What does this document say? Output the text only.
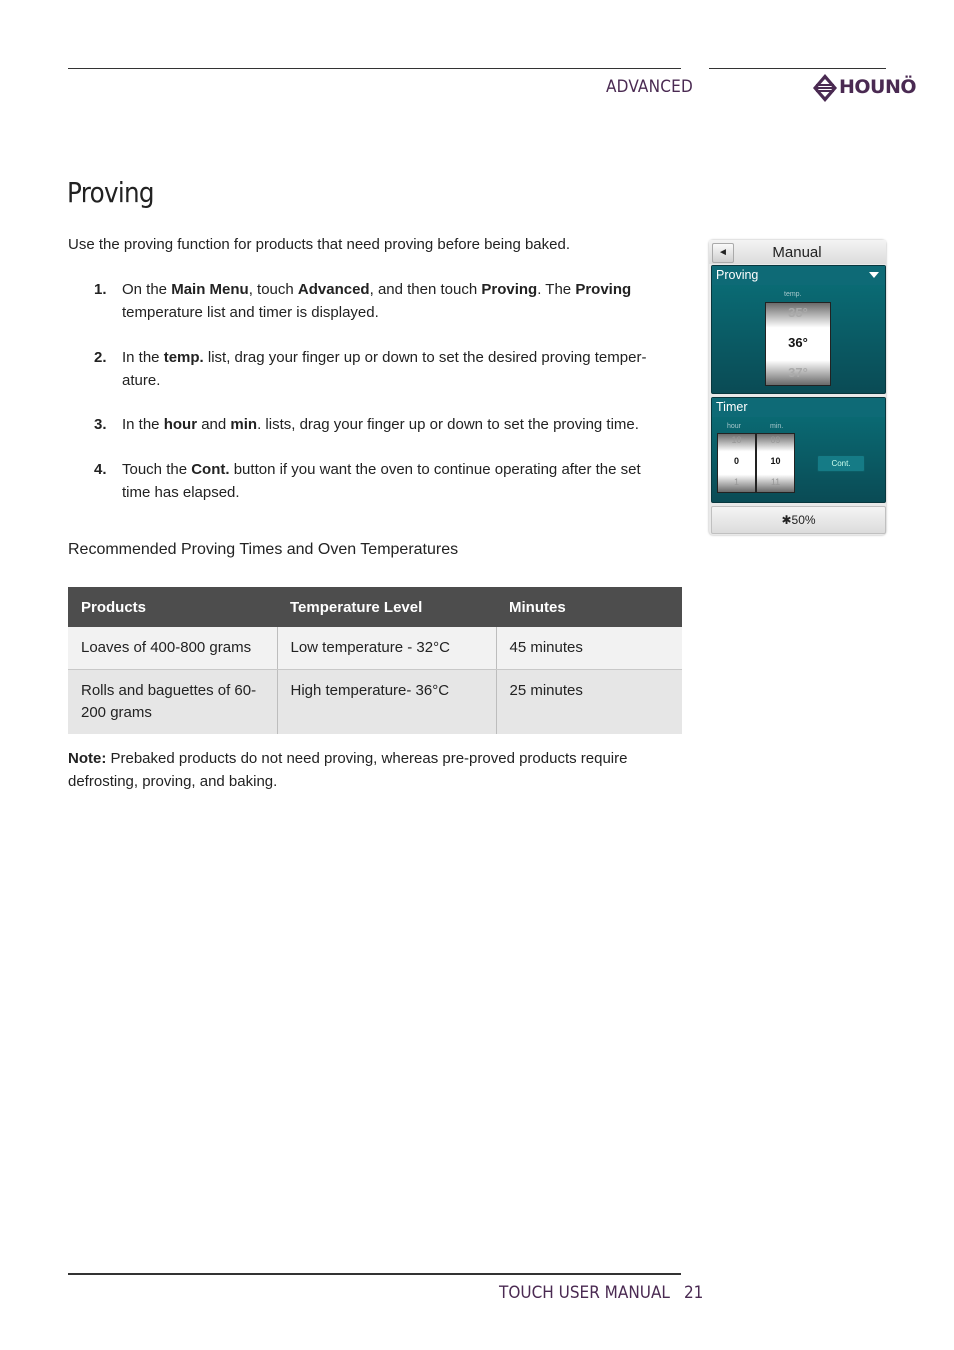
ADVANCED	HOUNÖ
Proving
Use the proving function for products that need proving before being baked.
1. On the Main Menu, touch Advanced, and then touch Proving. The Proving temperature list and timer is displayed.
2. In the temp. list, drag your finger up or down to set the desired proving temper-ature.
3. In the hour and min. lists, drag your finger up or down to set the proving time.
4. Touch the Cont. button if you want the oven to continue operating after the set time has elapsed.
Recommended Proving Times and Oven Temperatures
Products	Temperature Level	Minutes
Loaves of 400-800 grams	Low temperature - 32°C	45 minutes
Rolls and baguettes of 60-200 grams	High temperature- 36°C	25 minutes
Note: Prebaked products do not need proving, whereas pre-proved products require defrosting, proving, and baking.
◄	Manual
Proving
temp.
35°
36°
37°
Timer
hour	min.
10
0
1
09
10
11
Cont.
✱50%
TOUCH USER MANUAL 21
